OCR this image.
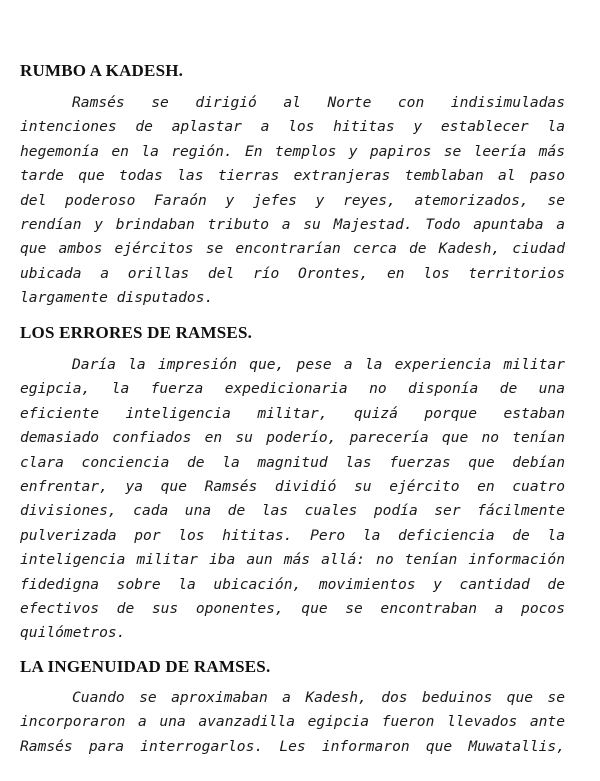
RUMBO A KADESH.
Ramsés se dirigió al Norte con indisimuladas
intenciones de aplastar a los hititas y establecer la
hegemonía en la región. En templos y papiros se leería más
tarde que todas las tierras extranjeras temblaban al paso
del poderoso Faraón y jefes y reyes, atemorizados, se
rendían y brindaban tributo a su Majestad. Todo apuntaba a
que ambos ejércitos se encontrarían cerca de Kadesh, ciudad
ubicada a orillas del río Orontes, en los territorios
largamente disputados.
LOS ERRORES DE RAMSES.
Daría la impresión que, pese a la experiencia militar
egipcia, la fuerza expedicionaria no disponía de una
eficiente inteligencia militar, quizá porque estaban
demasiado confiados en su poderío, parecería que no tenían
clara conciencia de la magnitud las fuerzas que debían
enfrentar, ya que Ramsés dividió su ejército en cuatro
divisiones, cada una de las cuales podía ser fácilmente
pulverizada por los hititas. Pero la deficiencia de la
inteligencia militar iba aun más allá: no tenían información
fidedigna sobre la ubicación, movimientos y cantidad de
efectivos de sus oponentes, que se encontraban a pocos
quilómetros.
LA INGENUIDAD DE RAMSES.
Cuando se aproximaban a Kadesh, dos beduinos que se
incorporaron a una avanzadilla egipcia fueron llevados ante
Ramsés para interrogarlos. Les informaron que Muwatallis,
